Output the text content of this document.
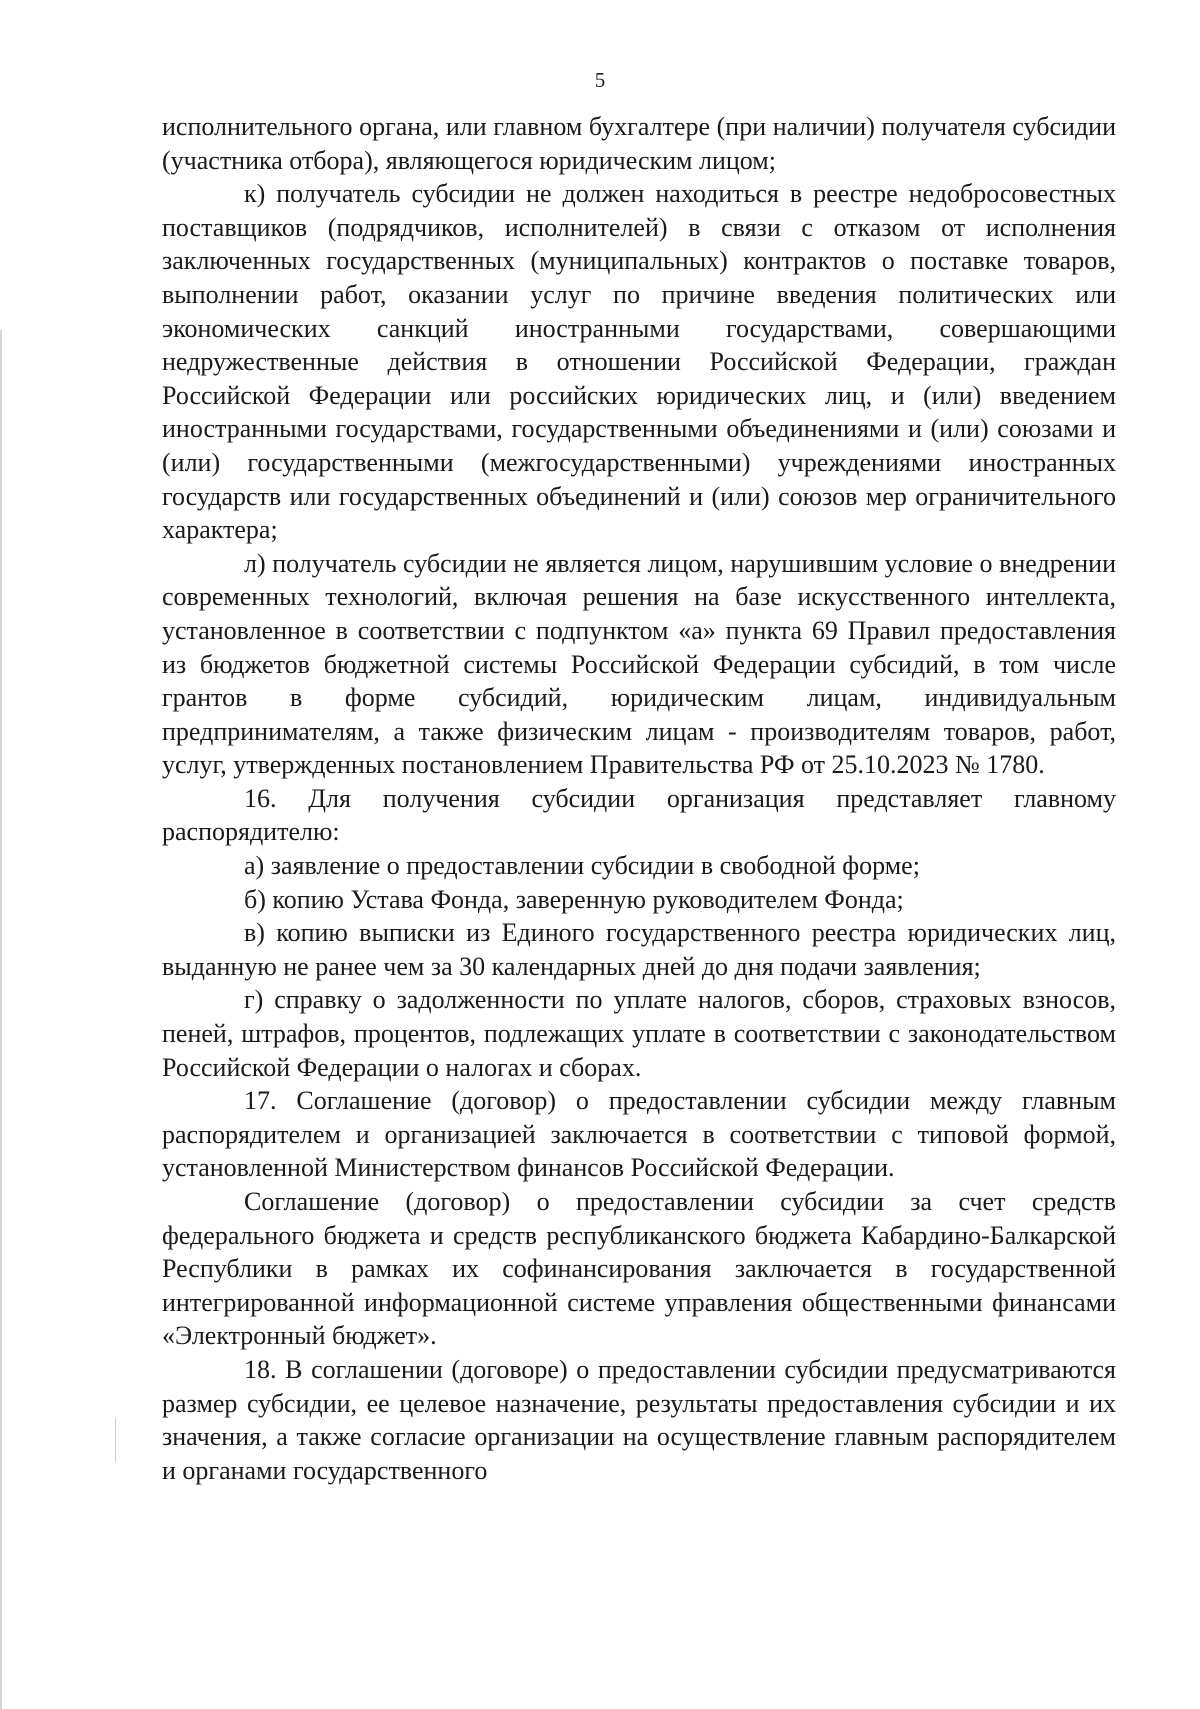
5

исполнительного органа, или главном бухгалтере (при наличии) получателя субсидии (участника отбора), являющегося юридическим лицом;

к) получатель субсидии не должен находиться в реестре недобросовестных поставщиков (подрядчиков, исполнителей) в связи с отказом от исполнения заключенных государственных (муниципальных) контрактов о поставке товаров, выполнении работ, оказании услуг по причине введения политических или экономических санкций иностранными государствами, совершающими недружественные действия в отношении Российской Федерации, граждан Российской Федерации или российских юридических лиц, и (или) введением иностранными государствами, государственными объединениями и (или) союзами и (или) государственными (межгосударственными) учреждениями иностранных государств или государственных объединений и (или) союзов мер ограничительного характера;

л) получатель субсидии не является лицом, нарушившим условие о внедрении современных технологий, включая решения на базе искусственного интеллекта, установленное в соответствии с подпунктом «а» пункта 69 Правил предоставления из бюджетов бюджетной системы Российской Федерации субсидий, в том числе грантов в форме субсидий, юридическим лицам, индивидуальным предпринимателям, а также физическим лицам - производителям товаров, работ, услуг, утвержденных постановлением Правительства РФ от 25.10.2023 № 1780.

16. Для получения субсидии организация представляет главному распорядителю:

а) заявление о предоставлении субсидии в свободной форме;

б) копию Устава Фонда, заверенную руководителем Фонда;

в) копию выписки из Единого государственного реестра юридических лиц, выданную не ранее чем за 30 календарных дней до дня подачи заявления;

г) справку о задолженности по уплате налогов, сборов, страховых взносов, пеней, штрафов, процентов, подлежащих уплате в соответствии с законодательством Российской Федерации о налогах и сборах.

17. Соглашение (договор) о предоставлении субсидии между главным распорядителем и организацией заключается в соответствии с типовой формой, установленной Министерством финансов Российской Федерации.

Соглашение (договор) о предоставлении субсидии за счет средств федерального бюджета и средств республиканского бюджета Кабардино-Балкарской Республики в рамках их софинансирования заключается в государственной интегрированной информационной системе управления общественными финансами «Электронный бюджет».

18. В соглашении (договоре) о предоставлении субсидии предусматриваются размер субсидии, ее целевое назначение, результаты предоставления субсидии и их значения, а также согласие организации на осуществление главным распорядителем и органами государственного
